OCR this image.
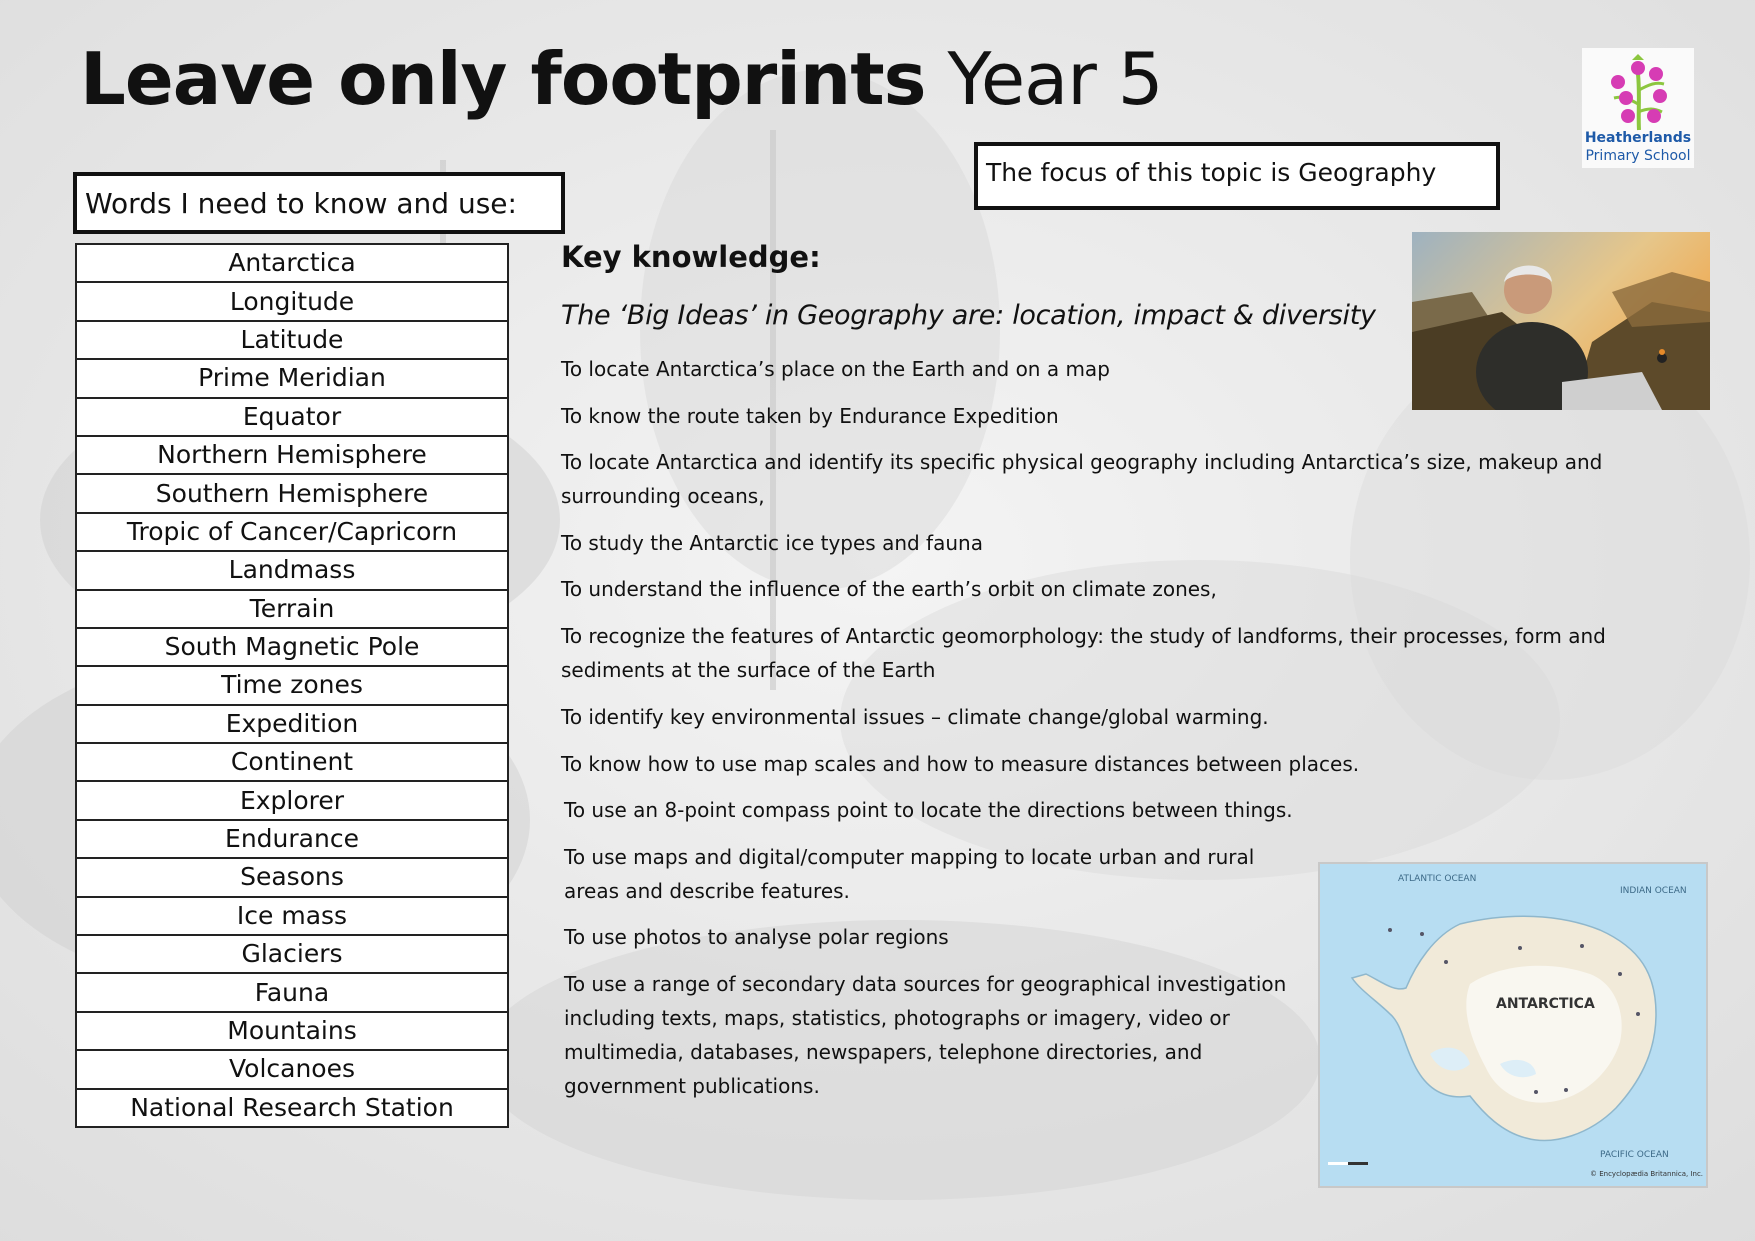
Leave only footprints Year 5
Heatherlands
Primary School
The focus of this topic is Geography
Words I need to know and use:
Antarctica
Longitude
Latitude
Prime Meridian
Equator
Northern Hemisphere
Southern Hemisphere
Tropic of Cancer/Capricorn
Landmass
Terrain
South Magnetic Pole
Time zones
Expedition
Continent
Explorer
Endurance
Seasons
Ice mass
Glaciers
Fauna
Mountains
Volcanoes
National Research Station
Key knowledge:
The ‘Big Ideas’ in Geography are: location, impact & diversity

To locate Antarctica’s place on the Earth and on a map

To know the route taken by Endurance Expedition

To locate Antarctica and identify its specific physical geography including Antarctica’s size, makeup and surrounding oceans,

To study the Antarctic ice types and fauna

To understand the influence of the earth’s orbit on climate zones,

To recognize the features of Antarctic geomorphology: the study of landforms, their processes, form and sediments at the surface of the Earth

To identify key environmental issues – climate change/global warming.

To know how to use map scales and how to measure distances between places.

To use an 8-point compass point to locate the directions between things.

To use maps and digital/computer mapping to locate urban and rural areas and describe features.

To use photos to analyse polar regions

To use a range of secondary data sources for geographical investigation including texts, maps, statistics, photographs or imagery, video or multimedia, databases, newspapers, telephone directories, and government publications.

ATLANTIC OCEAN
INDIAN OCEAN
PACIFIC OCEAN
ANTARCTICA
© Encyclopædia Britannica, Inc.
